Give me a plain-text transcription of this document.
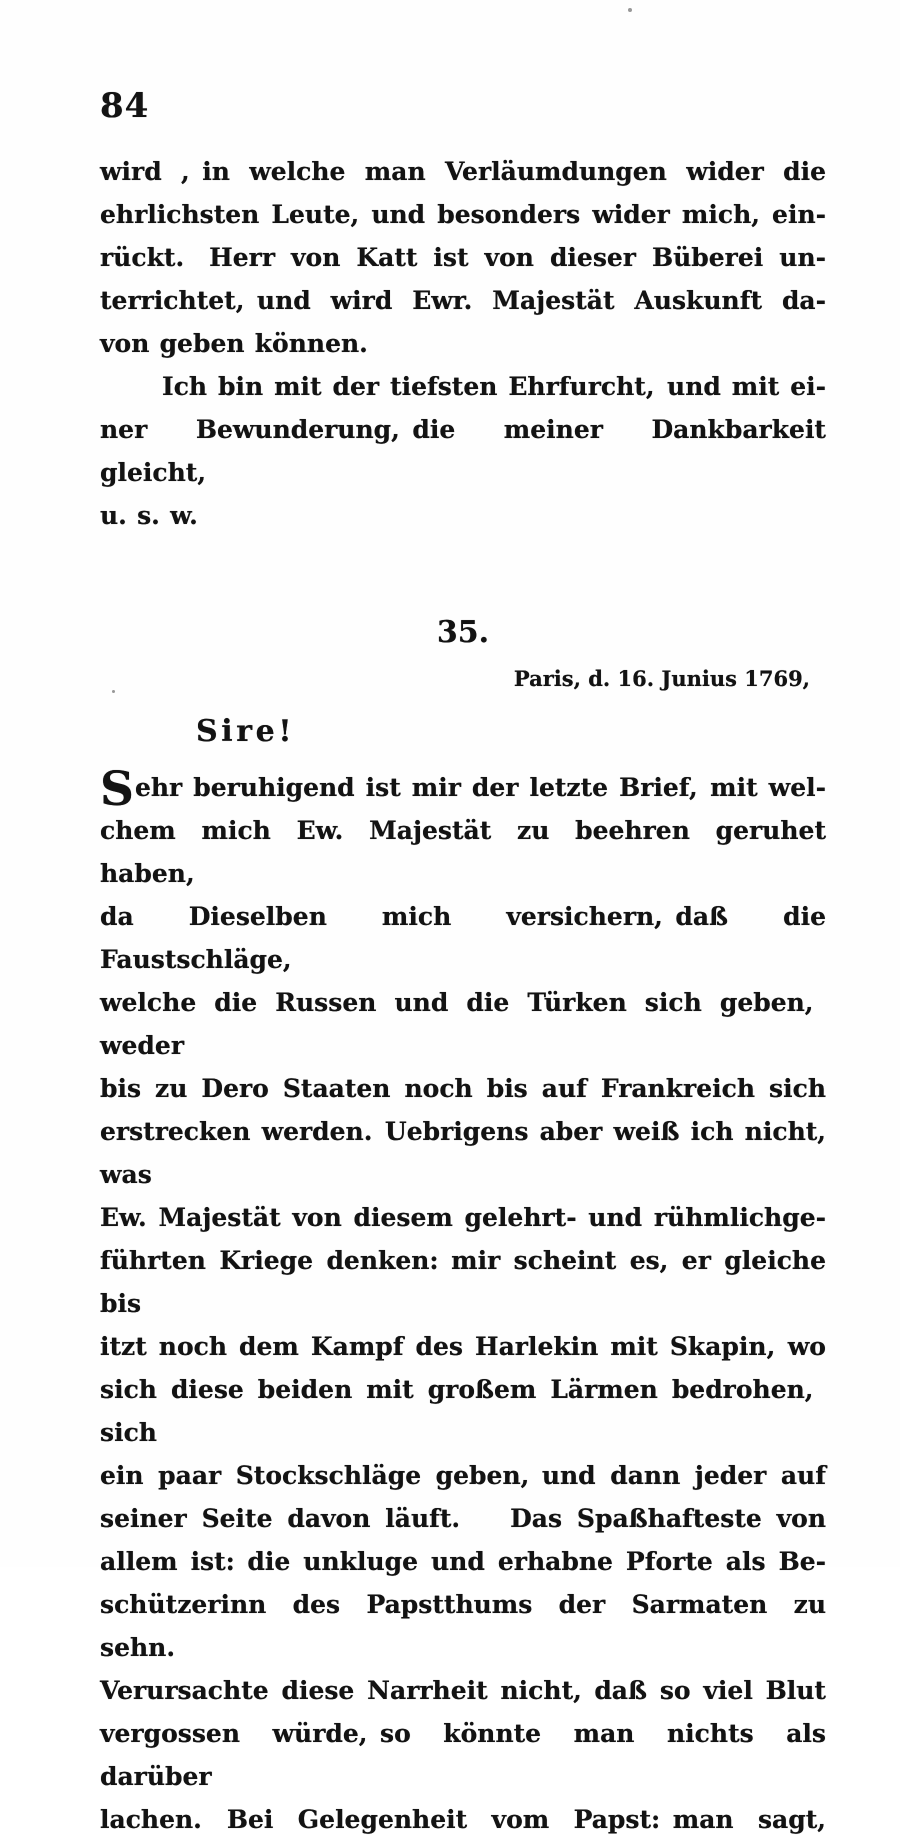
84
wird , in welche man Verläumdungen wider die
ehrlichsten Leute, und besonders wider mich, ein-
rückt. Herr von Katt ist von dieser Büberei un-
terrichtet, und wird Ewr. Majestät Auskunft da-
von geben können.
Ich bin mit der tiefsten Ehrfurcht, und mit ei-
ner Bewunderung, die meiner Dankbarkeit gleicht,
u. s. w.
35.
Paris, d. 16. Junius 1769,
Sire!
Sehr beruhigend ist mir der letzte Brief, mit wel-
chem mich Ew. Majestät zu beehren geruhet haben,
da Dieselben mich versichern, daß die Faustschläge,
welche die Russen und die Türken sich geben, weder
bis zu Dero Staaten noch bis auf Frankreich sich
erstrecken werden. Uebrigens aber weiß ich nicht, was
Ew. Majestät von diesem gelehrt- und rühmlichge-
führten Kriege denken: mir scheint es, er gleiche bis
itzt noch dem Kampf des Harlekin mit Skapin, wo
sich diese beiden mit großem Lärmen bedrohen, sich
ein paar Stockschläge geben, und dann jeder auf
seiner Seite davon läuft.  Das Spaßhafteste von
allem ist: die unkluge und erhabne Pforte als Be-
schützerinn des Papstthums der Sarmaten zu sehn.
Verursachte diese Narrheit nicht, daß so viel Blut
vergossen würde, so könnte man nichts als darüber
lachen. Bei Gelegenheit vom Papst: man sagt,
